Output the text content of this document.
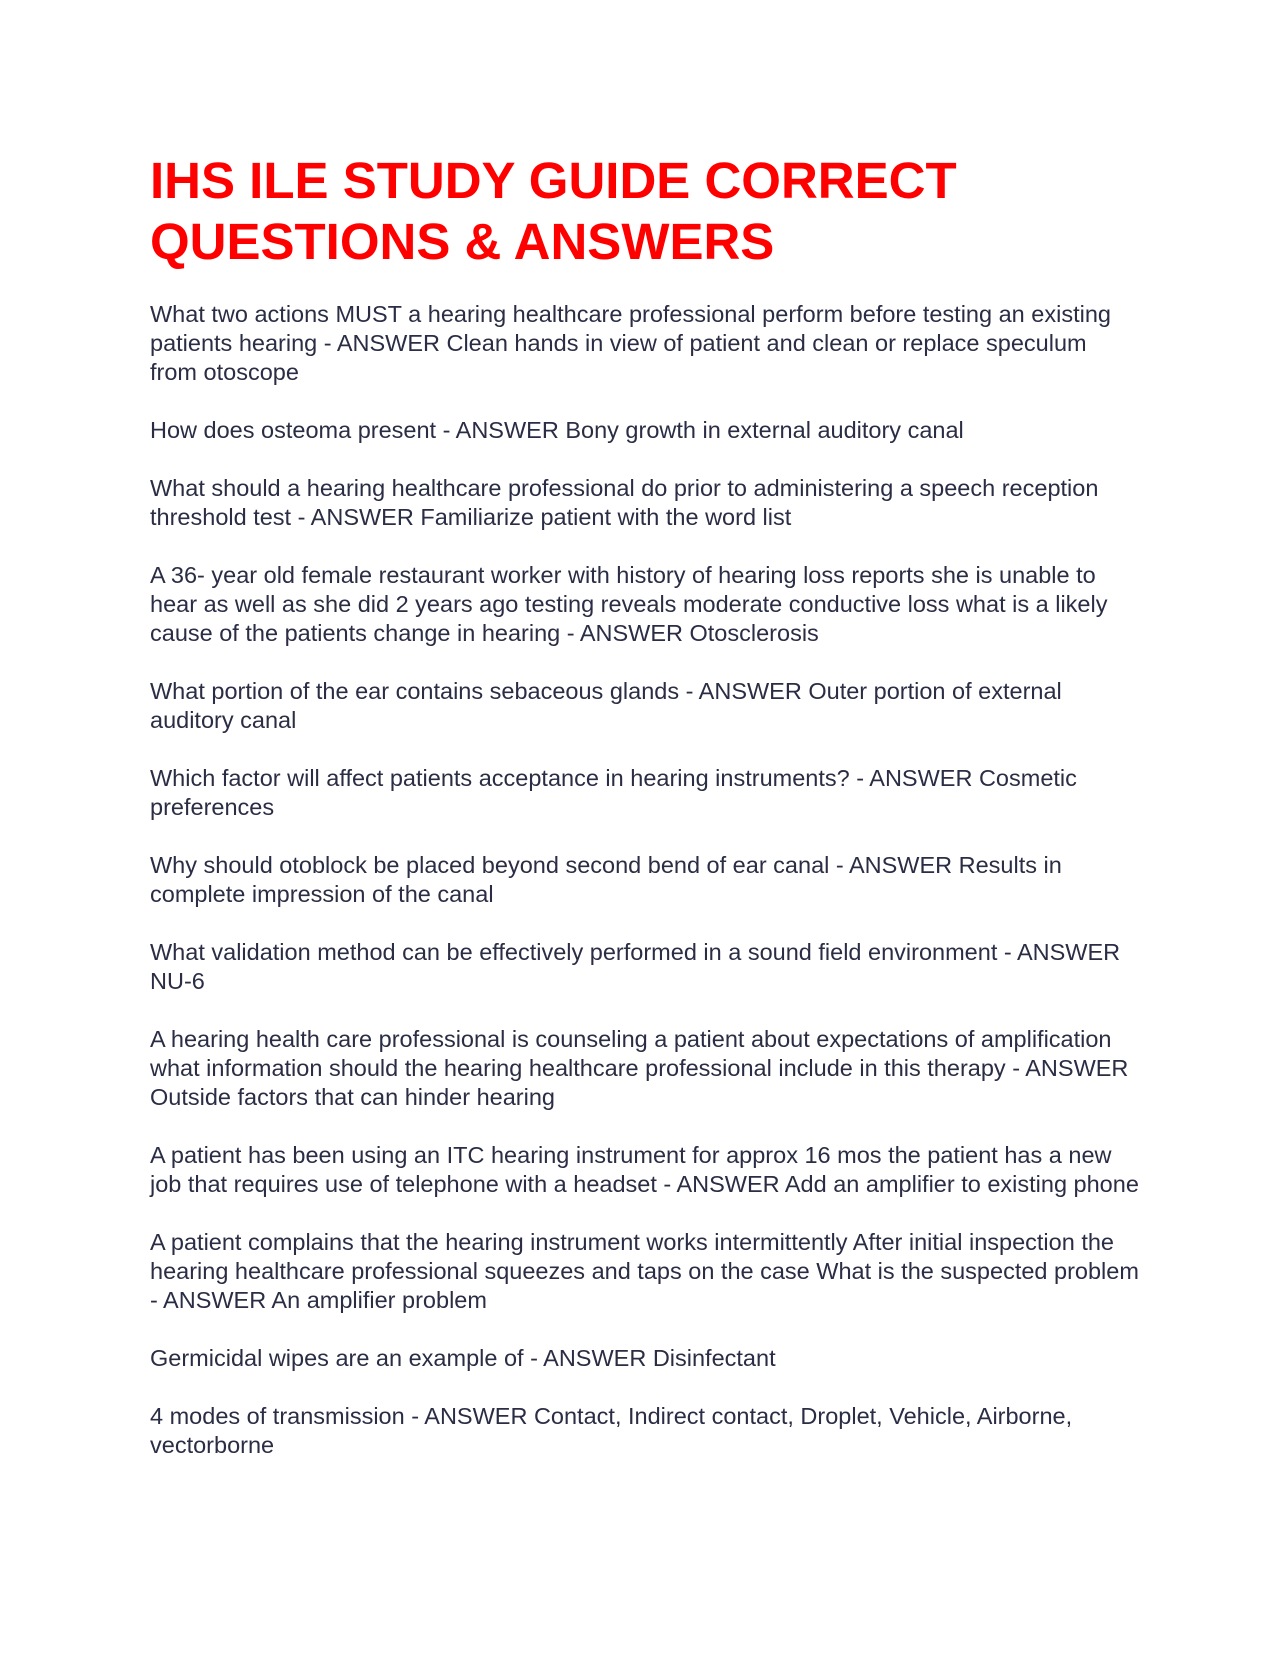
IHS ILE STUDY GUIDE CORRECT QUESTIONS & ANSWERS

What two actions MUST a hearing healthcare professional perform before testing an existing patients hearing - ANSWER Clean hands in view of patient and clean or replace speculum from otoscope

How does osteoma present - ANSWER Bony growth in external auditory canal

What should a hearing healthcare professional do prior to administering a speech reception threshold test - ANSWER Familiarize patient with the word list

A 36- year old female restaurant worker with history of hearing loss reports she is unable to hear as well as she did 2 years ago testing reveals moderate conductive loss what is a likely cause of the patients change in hearing - ANSWER Otosclerosis

What portion of the ear contains sebaceous glands - ANSWER Outer portion of external auditory canal

Which factor will affect patients acceptance in hearing instruments? - ANSWER Cosmetic preferences

Why should otoblock be placed beyond second bend of ear canal - ANSWER Results in complete impression of the canal

What validation method can be effectively performed in a sound field environment - ANSWER NU-6

A hearing health care professional is counseling a patient about expectations of amplification what information should the hearing healthcare professional include in this therapy - ANSWER Outside factors that can hinder hearing

A patient has been using an ITC hearing instrument for approx 16 mos the patient has a new job that requires use of telephone with a headset - ANSWER Add an amplifier to existing phone

A patient complains that the hearing instrument works intermittently After initial inspection the hearing healthcare professional squeezes and taps on the case What is the suspected problem - ANSWER An amplifier problem

Germicidal wipes are an example of - ANSWER Disinfectant

4 modes of transmission - ANSWER Contact, Indirect contact, Droplet, Vehicle, Airborne, vectorborne
